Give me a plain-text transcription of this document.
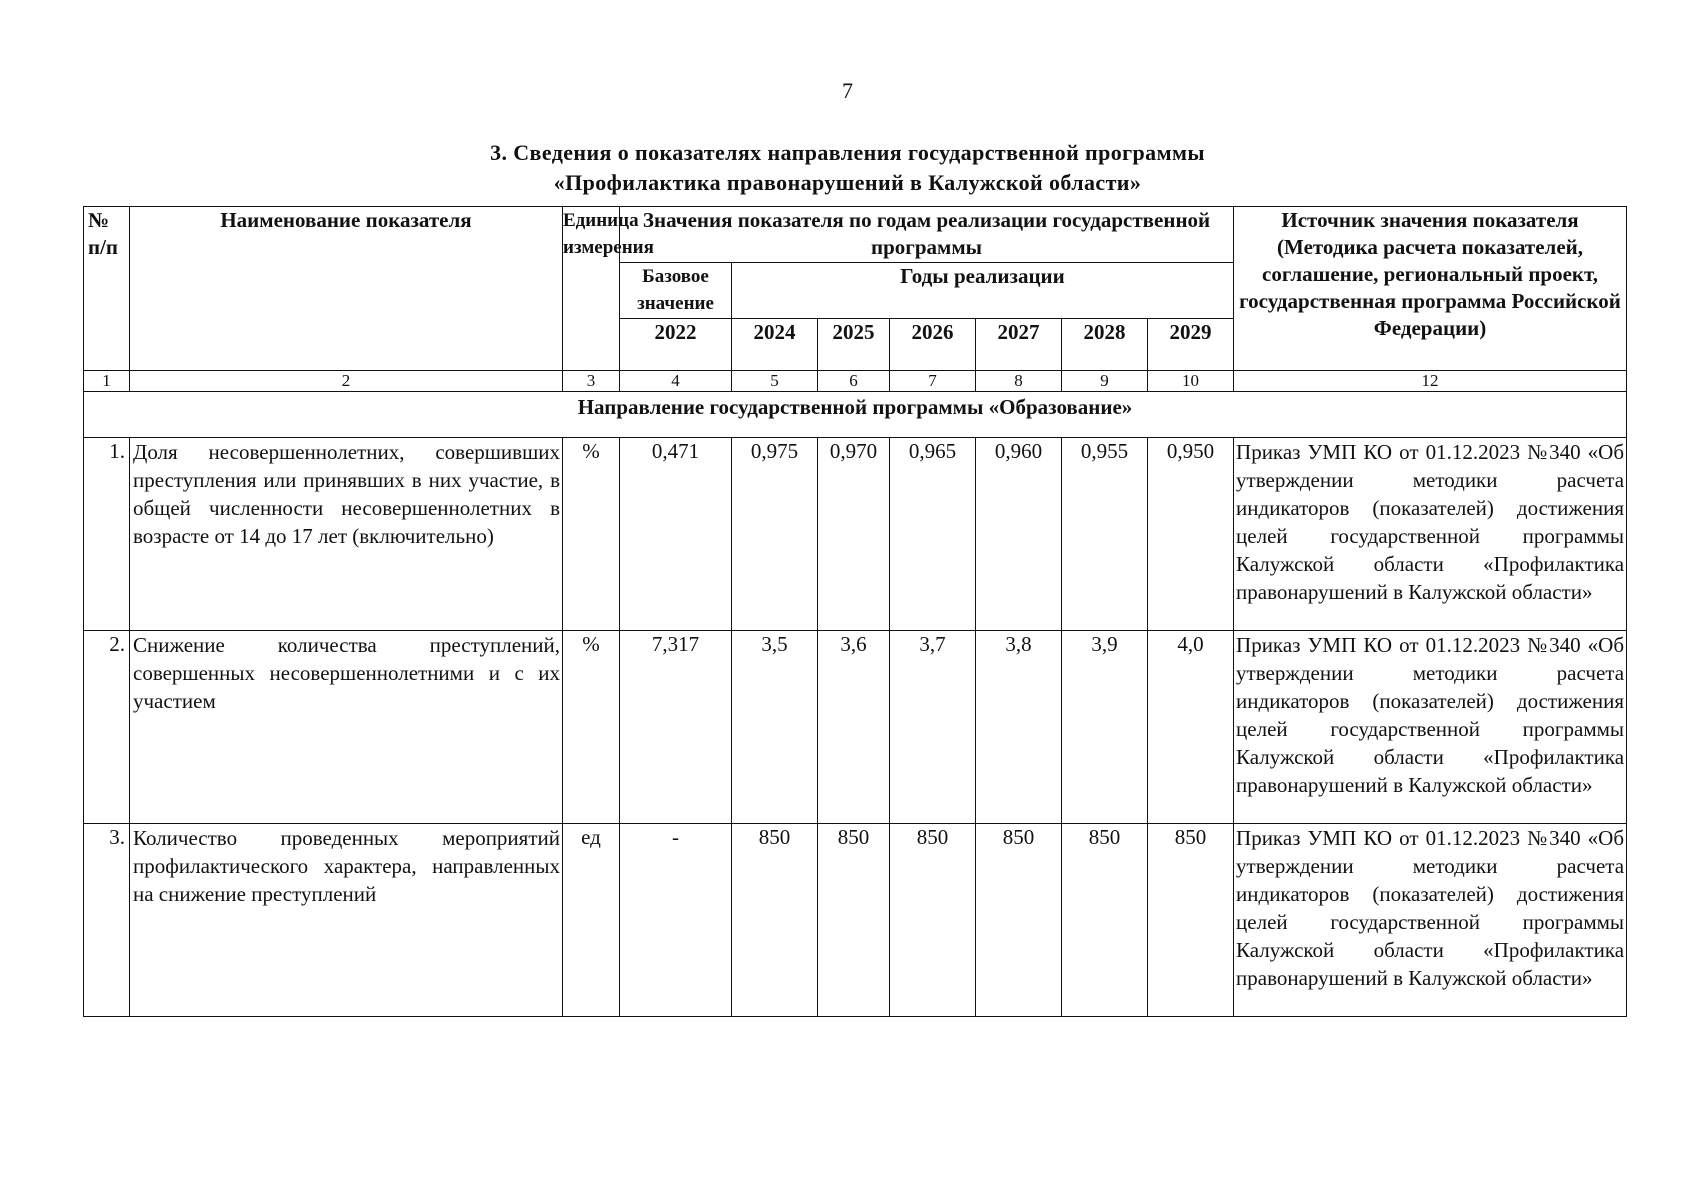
7
3. Сведения о показателях направления государственной программы
«Профилактика правонарушений в Калужской области»
№ п/п	Наименование показателя	Единица измерения	Значения показателя по годам реализации государственной программы							Источник значения показателя (Методика расчета показателей, соглашение, региональный проект, государственная программа Российской Федерации)
			Базовое значение	Годы реализации						
			2022	2024	2025	2026	2027	2028	2029	
1	2	3	4	5	6	7	8	9	10	12
Направление государственной программы «Образование»										
1.	Доля несовершеннолетних, совершивших преступления или принявших в них участие, в общей численности несовершеннолетних в возрасте от 14 до 17 лет (включительно)	%	0,471	0,975	0,970	0,965	0,960	0,955	0,950	Приказ УМП КО от 01.12.2023 №340 «Об утверждении методики расчета индикаторов (показателей) достижения целей государственной программы Калужской области «Профилактика правонарушений в Калужской области»
2.	Снижение количества преступлений, совершенных несовершеннолетними и с их участием	%	7,317	3,5	3,6	3,7	3,8	3,9	4,0	Приказ УМП КО от 01.12.2023 №340 «Об утверждении методики расчета индикаторов (показателей) достижения целей государственной программы Калужской области «Профилактика правонарушений в Калужской области»
3.	Количество проведенных мероприятий профилактического характера, направленных на снижение преступлений	ед	-	850	850	850	850	850	850	Приказ УМП КО от 01.12.2023 №340 «Об утверждении методики расчета индикаторов (показателей) достижения целей государственной программы Калужской области «Профилактика правонарушений в Калужской области»
